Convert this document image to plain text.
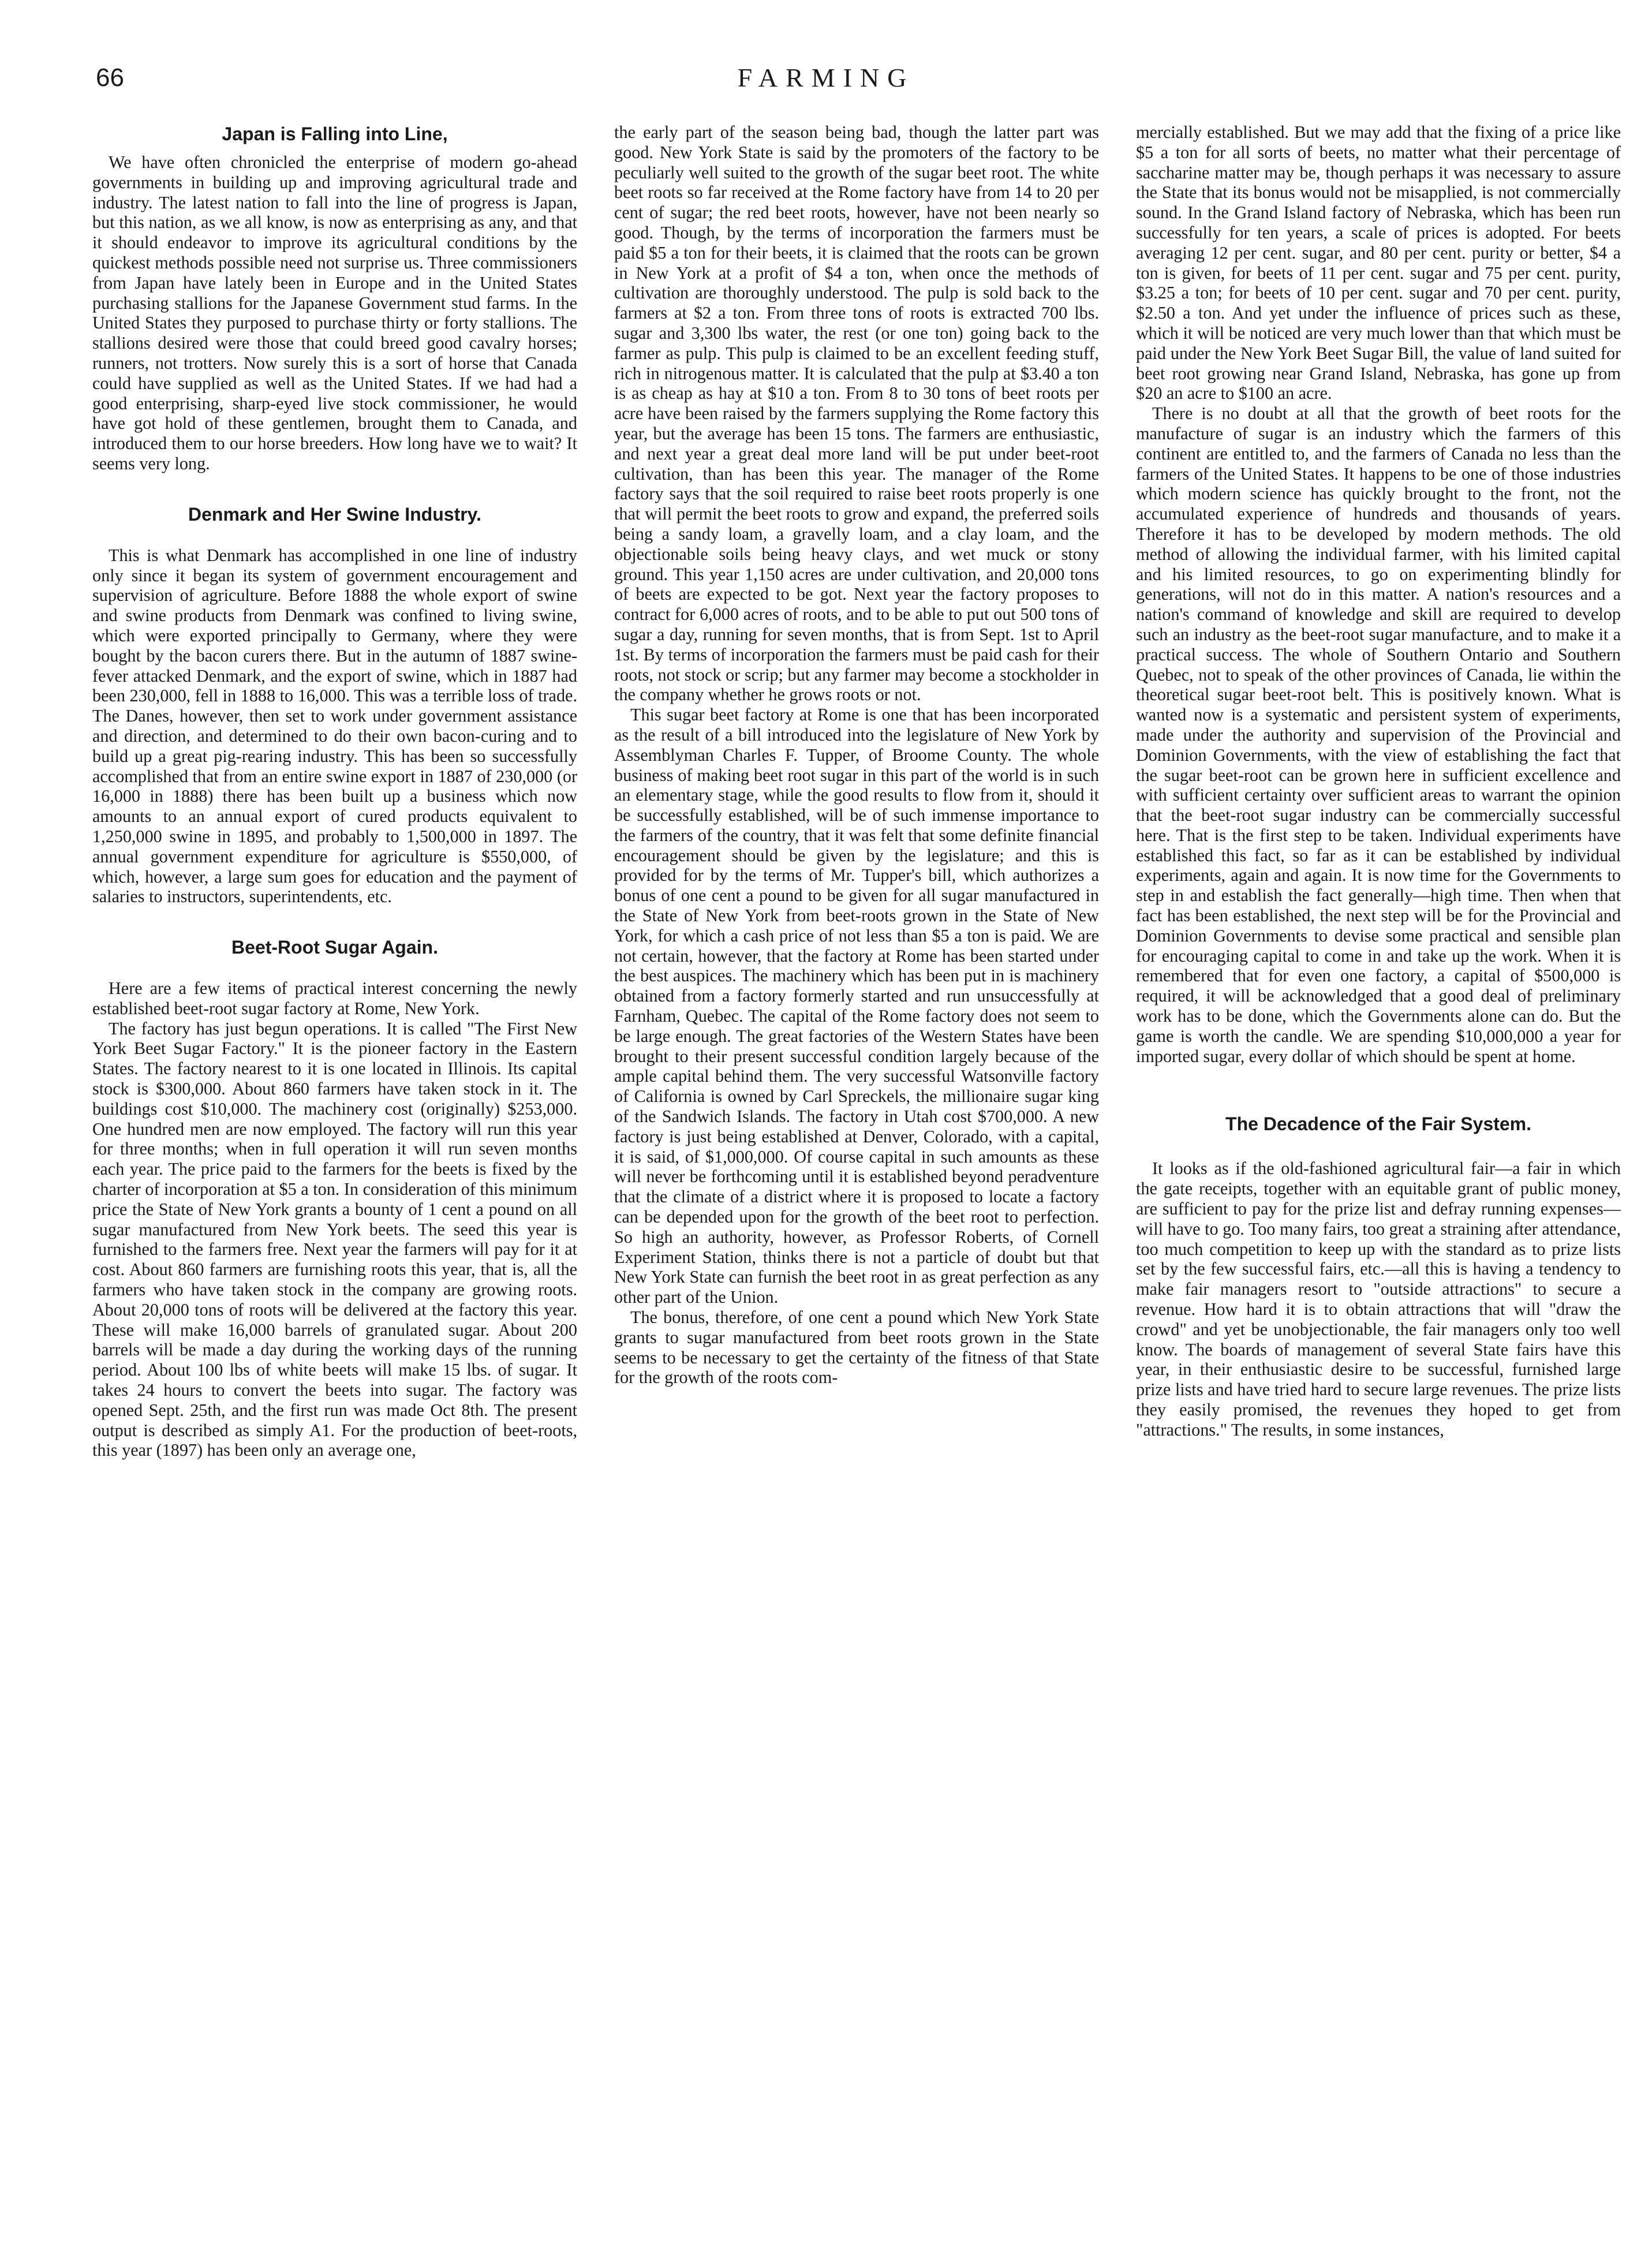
66	FARMING
Japan is Falling into Line,

We have often chronicled the enterprise of modern go-ahead governments in building up and improving agricultural trade and industry. The latest nation to fall into the line of progress is Japan, but this nation, as we all know, is now as enterprising as any, and that it should endeavor to improve its agricultural conditions by the quickest methods possible need not surprise us. Three commissioners from Japan have lately been in Europe and in the United States purchasing stallions for the Japanese Government stud farms. In the United States they purposed to purchase thirty or forty stallions. The stallions desired were those that could breed good cavalry horses; runners, not trotters. Now surely this is a sort of horse that Canada could have supplied as well as the United States. If we had had a good enterprising, sharp-eyed live stock commissioner, he would have got hold of these gentlemen, brought them to Canada, and introduced them to our horse breeders. How long have we to wait? It seems very long.

Denmark and Her Swine Industry.

This is what Denmark has accomplished in one line of industry only since it began its system of government encouragement and supervision of agriculture. Before 1888 the whole export of swine and swine products from Denmark was confined to living swine, which were exported principally to Germany, where they were bought by the bacon curers there. But in the autumn of 1887 swine-fever attacked Denmark, and the export of swine, which in 1887 had been 230,000, fell in 1888 to 16,000. This was a terrible loss of trade. The Danes, however, then set to work under government assistance and direction, and determined to do their own bacon-curing and to build up a great pig-rearing industry. This has been so successfully accomplished that from an entire swine export in 1887 of 230,000 (or 16,000 in 1888) there has been built up a business which now amounts to an annual export of cured products equivalent to 1,250,000 swine in 1895, and probably to 1,500,000 in 1897. The annual government expenditure for agriculture is $550,000, of which, however, a large sum goes for education and the payment of salaries to instructors, superintendents, etc.

Beet-Root Sugar Again.

Here are a few items of practical interest concerning the newly established beet-root sugar factory at Rome, New York.

The factory has just begun operations. It is called "The First New York Beet Sugar Factory." It is the pioneer factory in the Eastern States. The factory nearest to it is one located in Illinois. Its capital stock is $300,000. About 860 farmers have taken stock in it. The buildings cost $10,000. The machinery cost (originally) $253,000. One hundred men are now employed. The factory will run this year for three months; when in full operation it will run seven months each year. The price paid to the farmers for the beets is fixed by the charter of incorporation at $5 a ton. In consideration of this minimum price the State of New York grants a bounty of 1 cent a pound on all sugar manufactured from New York beets. The seed this year is furnished to the farmers free. Next year the farmers will pay for it at cost. About 860 farmers are furnishing roots this year, that is, all the farmers who have taken stock in the company are growing roots. About 20,000 tons of roots will be delivered at the factory this year. These will make 16,000 barrels of granulated sugar. About 200 barrels will be made a day during the working days of the running period. About 100 lbs of white beets will make 15 lbs. of sugar. It takes 24 hours to convert the beets into sugar. The factory was opened Sept. 25th, and the first run was made Oct 8th. The present output is described as simply A1. For the production of beet-roots, this year (1897) has been only an average one,

the early part of the season being bad, though the latter part was good. New York State is said by the promoters of the factory to be peculiarly well suited to the growth of the sugar beet root. The white beet roots so far received at the Rome factory have from 14 to 20 per cent of sugar; the red beet roots, however, have not been nearly so good. Though, by the terms of incorporation the farmers must be paid $5 a ton for their beets, it is claimed that the roots can be grown in New York at a profit of $4 a ton, when once the methods of cultivation are thoroughly understood. The pulp is sold back to the farmers at $2 a ton. From three tons of roots is extracted 700 lbs. sugar and 3,300 lbs water, the rest (or one ton) going back to the farmer as pulp. This pulp is claimed to be an excellent feeding stuff, rich in nitrogenous matter. It is calculated that the pulp at $3.40 a ton is as cheap as hay at $10 a ton. From 8 to 30 tons of beet roots per acre have been raised by the farmers supplying the Rome factory this year, but the average has been 15 tons. The farmers are enthusiastic, and next year a great deal more land will be put under beet-root cultivation, than has been this year. The manager of the Rome factory says that the soil required to raise beet roots properly is one that will permit the beet roots to grow and expand, the preferred soils being a sandy loam, a gravelly loam, and a clay loam, and the objectionable soils being heavy clays, and wet muck or stony ground. This year 1,150 acres are under cultivation, and 20,000 tons of beets are expected to be got. Next year the factory proposes to contract for 6,000 acres of roots, and to be able to put out 500 tons of sugar a day, running for seven months, that is from Sept. 1st to April 1st. By terms of incorporation the farmers must be paid cash for their roots, not stock or scrip; but any farmer may become a stockholder in the company whether he grows roots or not.

This sugar beet factory at Rome is one that has been incorporated as the result of a bill introduced into the legislature of New York by Assemblyman Charles F. Tupper, of Broome County. The whole business of making beet root sugar in this part of the world is in such an elementary stage, while the good results to flow from it, should it be successfully established, will be of such immense importance to the farmers of the country, that it was felt that some definite financial encouragement should be given by the legislature; and this is provided for by the terms of Mr. Tupper's bill, which authorizes a bonus of one cent a pound to be given for all sugar manufactured in the State of New York from beet-roots grown in the State of New York, for which a cash price of not less than $5 a ton is paid. We are not certain, however, that the factory at Rome has been started under the best auspices. The machinery which has been put in is machinery obtained from a factory formerly started and run unsuccessfully at Farnham, Quebec. The capital of the Rome factory does not seem to be large enough. The great factories of the Western States have been brought to their present successful condition largely because of the ample capital behind them. The very successful Watsonville factory of California is owned by Carl Spreckels, the millionaire sugar king of the Sandwich Islands. The factory in Utah cost $700,000. A new factory is just being established at Denver, Colorado, with a capital, it is said, of $1,000,000. Of course capital in such amounts as these will never be forthcoming until it is established beyond peradventure that the climate of a district where it is proposed to locate a factory can be depended upon for the growth of the beet root to perfection. So high an authority, however, as Professor Roberts, of Cornell Experiment Station, thinks there is not a particle of doubt but that New York State can furnish the beet root in as great perfection as any other part of the Union.

The bonus, therefore, of one cent a pound which New York State grants to sugar manufactured from beet roots grown in the State seems to be necessary to get the certainty of the fitness of that State for the growth of the roots com-

mercially established. But we may add that the fixing of a price like $5 a ton for all sorts of beets, no matter what their percentage of saccharine matter may be, though perhaps it was necessary to assure the State that its bonus would not be misapplied, is not commercially sound. In the Grand Island factory of Nebraska, which has been run successfully for ten years, a scale of prices is adopted. For beets averaging 12 per cent. sugar, and 80 per cent. purity or better, $4 a ton is given, for beets of 11 per cent. sugar and 75 per cent. purity, $3.25 a ton; for beets of 10 per cent. sugar and 70 per cent. purity, $2.50 a ton. And yet under the influence of prices such as these, which it will be noticed are very much lower than that which must be paid under the New York Beet Sugar Bill, the value of land suited for beet root growing near Grand Island, Nebraska, has gone up from $20 an acre to $100 an acre.

There is no doubt at all that the growth of beet roots for the manufacture of sugar is an industry which the farmers of this continent are entitled to, and the farmers of Canada no less than the farmers of the United States. It happens to be one of those industries which modern science has quickly brought to the front, not the accumulated experience of hundreds and thousands of years. Therefore it has to be developed by modern methods. The old method of allowing the individual farmer, with his limited capital and his limited resources, to go on experimenting blindly for generations, will not do in this matter. A nation's resources and a nation's command of knowledge and skill are required to develop such an industry as the beet-root sugar manufacture, and to make it a practical success. The whole of Southern Ontario and Southern Quebec, not to speak of the other provinces of Canada, lie within the theoretical sugar beet-root belt. This is positively known. What is wanted now is a systematic and persistent system of experiments, made under the authority and supervision of the Provincial and Dominion Governments, with the view of establishing the fact that the sugar beet-root can be grown here in sufficient excellence and with sufficient certainty over sufficient areas to warrant the opinion that the beet-root sugar industry can be commercially successful here. That is the first step to be taken. Individual experiments have established this fact, so far as it can be established by individual experiments, again and again. It is now time for the Governments to step in and establish the fact generally—high time. Then when that fact has been established, the next step will be for the Provincial and Dominion Governments to devise some practical and sensible plan for encouraging capital to come in and take up the work. When it is remembered that for even one factory, a capital of $500,000 is required, it will be acknowledged that a good deal of preliminary work has to be done, which the Governments alone can do. But the game is worth the candle. We are spending $10,000,000 a year for imported sugar, every dollar of which should be spent at home.

The Decadence of the Fair System.

It looks as if the old-fashioned agricultural fair—a fair in which the gate receipts, together with an equitable grant of public money, are sufficient to pay for the prize list and defray running expenses—will have to go. Too many fairs, too great a straining after attendance, too much competition to keep up with the standard as to prize lists set by the few successful fairs, etc.—all this is having a tendency to make fair managers resort to "outside attractions" to secure a revenue. How hard it is to obtain attractions that will "draw the crowd" and yet be unobjectionable, the fair managers only too well know. The boards of management of several State fairs have this year, in their enthusiastic desire to be successful, furnished large prize lists and have tried hard to secure large revenues. The prize lists they easily promised, the revenues they hoped to get from "attractions." The results, in some instances,
